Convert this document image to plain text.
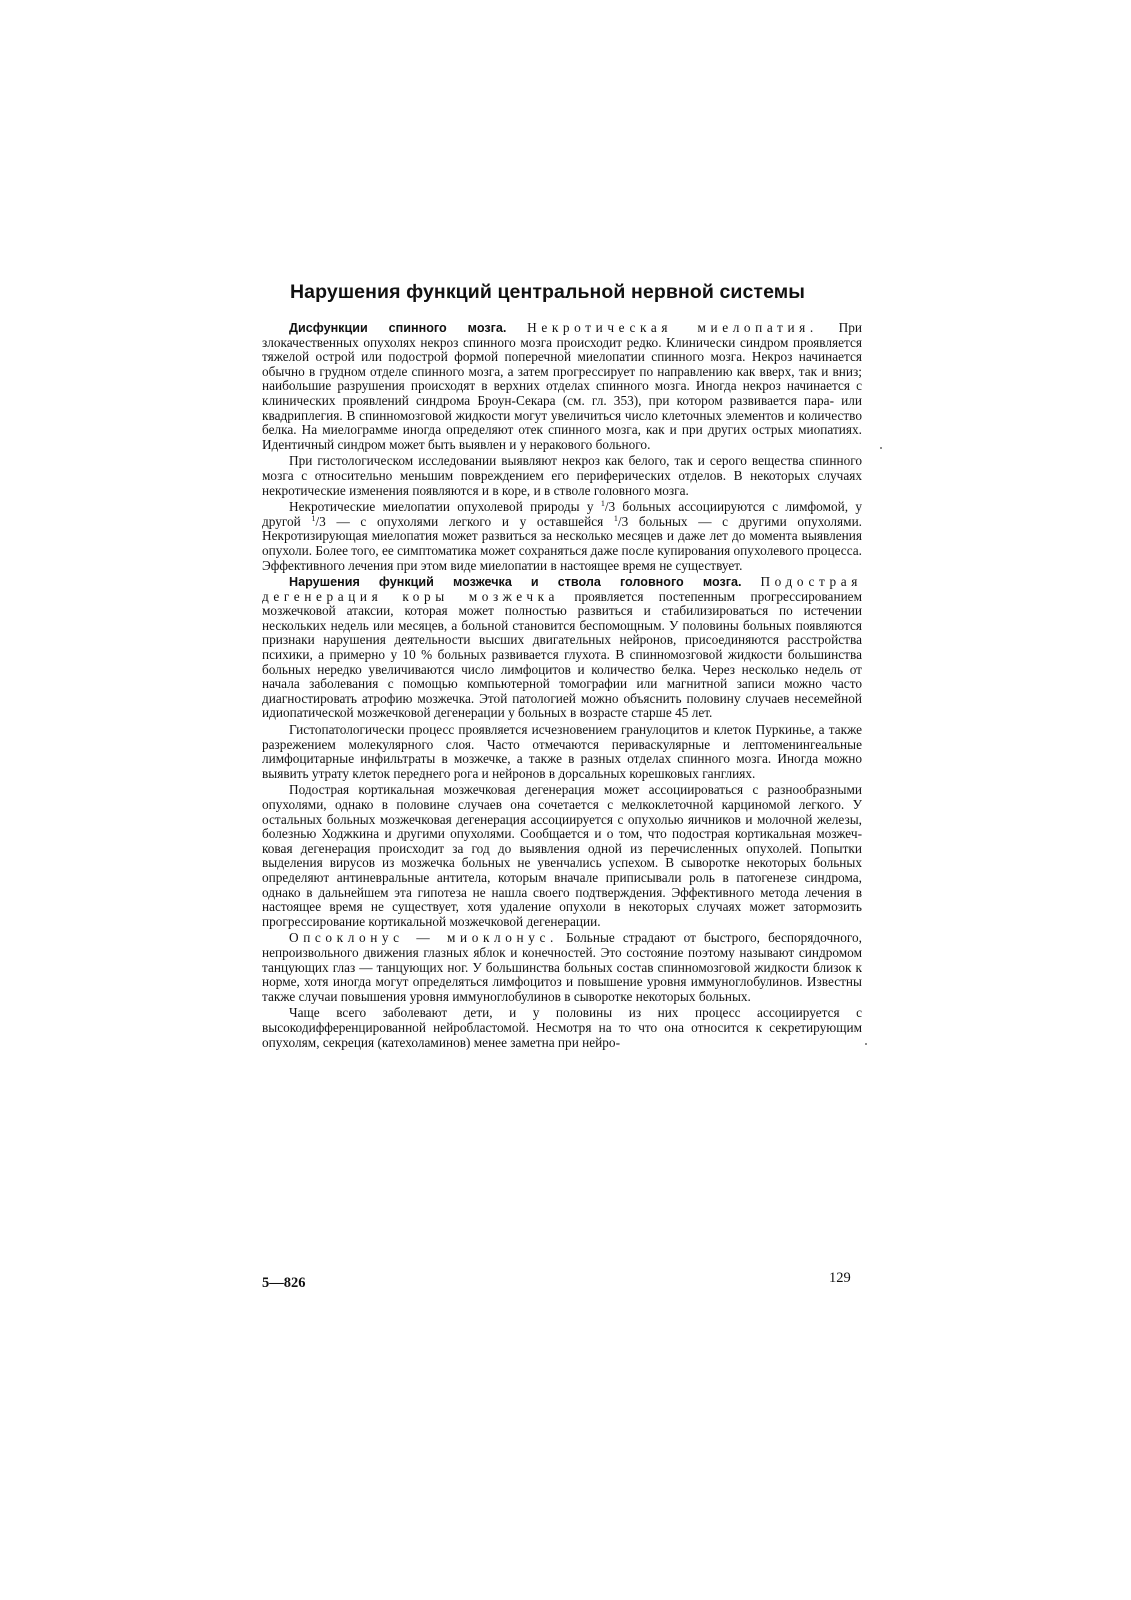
Нарушения функций центральной нервной системы

Дисфункции спинного мозга. Некротическая миелопатия. При злокачественных опухолях некроз спинного мозга происходит редко. Клинически синдром проявляется тяжелой острой или подострой формой поперечной миелопатии спинного мозга. Некроз начинается обычно в грудном отделе спинного мозга, а затем прогрессирует по направлению как вверх, так и вниз; наибольшие разрушения происходят в верхних отделах спинного мозга. Иногда некроз начинается с клинических проявлений синдрома Броун-Секара (см. гл. 353), при котором развивается пара- или квадриплегия. В спинномозговой жидкости могут увеличиться число клеточных элементов и количество белка. На миелограмме иногда определяют отек спинного мозга, как и при других острых миопатиях. Идентичный синдром может быть выявлен и у неракового больного.

При гистологическом исследовании выявляют некроз как белого, так и серого вещества спинного мозга с относительно меньшим повреждением его периферических отделов. В некоторых случаях некротические изменения появляются и в коре, и в стволе головного мозга.

Некротические миелопатии опухолевой природы у $^1$/3 больных ассоциируются с лимфомой, у другой $^1$/3 — с опухолями легкого и у оставшейся $^1$/3 больных — с другими опухолями. Некротизирующая миелопатия может развиться за несколько месяцев и даже лет до момента выявления опухоли. Более того, ее симптоматика может сохраняться даже после купирования опухолевого процесса. Эффективного лечения при этом виде миелопатии в настоящее время не существует.

Нарушения функций мозжечка и ствола головного мозга. Подострая дегенерация коры мозжечка проявляется постепенным прогрессированием мозжечковой атаксии, которая может полностью развиться и стабилизироваться по истечении нескольких недель или месяцев, а больной становится беспомощным. У половины больных появляются признаки нарушения деятельности высших двигательных нейронов, присоединяются расстройства психики, а примерно у 10 % больных развивается глухота. В спинномозговой жидкости большинства больных нередко увеличиваются число лимфоцитов и количество белка. Через несколько недель от начала заболевания с помощью компьютерной томографии или магнитной записи можно часто диагностировать атрофию мозжечка. Этой патологией можно объяснить половину случаев несемейной идиопатической мозжечковой дегенерации у больных в возрасте старше 45 лет.

Гистопатологически процесс проявляется исчезновением гранулоцитов и клеток Пуркинье, а также разрежением молекулярного слоя. Часто отмечаются периваскулярные и лептоменингеальные лимфоцитарные инфильтраты в мозжечке, а также в разных отделах спинного мозга. Иногда можно выявить утрату клеток переднего рога и нейронов в дорсальных корешковых ганглиях.

Подострая кортикальная мозжечковая дегенерация может ассоциироваться с разнообразными опухолями, однако в половине случаев она сочетается с мелкоклеточной карциномой легкого. У остальных больных мозжечковая дегенерация ассоциируется с опухолью яичников и молочной железы, болезнью Ходжкина и другими опухолями. Сообщается и о том, что подострая кортикальная мозжечковая дегенерация происходит за год до выявления одной из перечисленных опухолей. Попытки выделения вирусов из мозжечка больных не увенчались успехом. В сыворотке некоторых больных определяют антиневральные антитела, которым вначале приписывали роль в патогенезе синдрома, однако в дальнейшем эта гипотеза не нашла своего подтверждения. Эффективного метода лечения в настоящее время не существует, хотя удаление опухоли в некоторых случаях может затормозить прогрессирование кортикальной мозжечковой дегенерации.

Опсоклонус — миоклонус. Больные страдают от быстрого, беспорядочного, непроизвольного движения глазных яблок и конечностей. Это состояние поэтому называют синдромом танцующих глаз — танцующих ног. У большинства больных состав спинномозговой жидкости близок к норме, хотя иногда могут определяться лимфоцитоз и повышение уровня иммуноглобулинов. Известны также случаи повышения уровня иммуноглобулинов в сыворотке некоторых больных.

Чаще всего заболевают дети, и у половины из них процесс ассоциируется с высокодифференцированной нейробластомой. Несмотря на то что она относится к секретирующим опухолям, секреция (катехоламинов) менее заметна при нейро-

5—826	129
